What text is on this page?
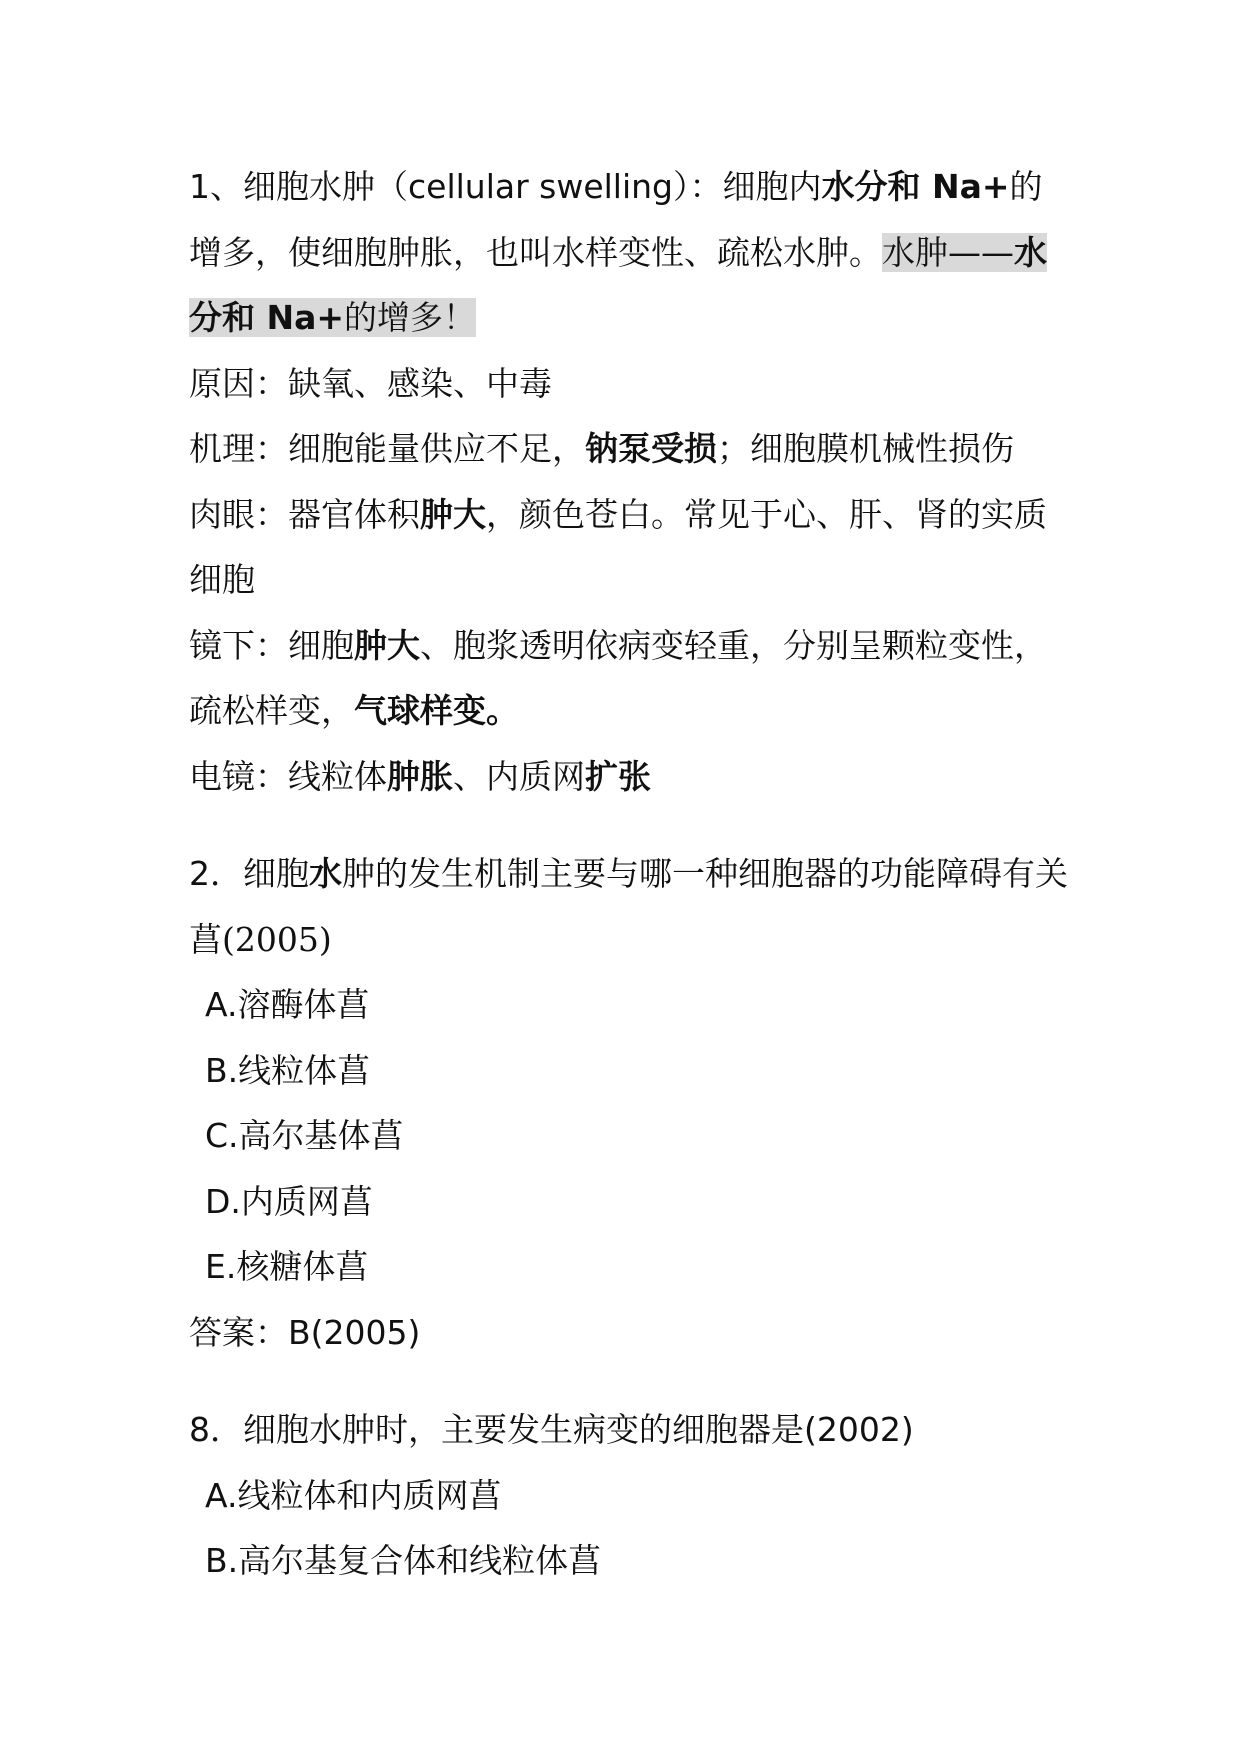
1、细胞水肿（cellular swelling）：细胞内水分和 Na+的增多，使细胞肿胀，也叫水样变性、疏松水肿。水肿——水分和 Na+的增多！

原因：缺氧、感染、中毒

机理：细胞能量供应不足，钠泵受损；细胞膜机械性损伤

肉眼：器官体积肿大，颜色苍白。常见于心、肝、肾的实质细胞

镜下：细胞肿大、胞浆透明依病变轻重，分别呈颗粒变性，疏松样变，气球样变。

电镜：线粒体肿胀、内质网扩张

2．细胞水肿的发生机制主要与哪一种细胞器的功能障碍有关菖(2005)

A.溶酶体菖

B.线粒体菖

C.高尔基体菖

D.内质网菖

E.核糖体菖

答案：B(2005)

8．细胞水肿时，主要发生病变的细胞器是(2002)

A.线粒体和内质网菖

B.高尔基复合体和线粒体菖
